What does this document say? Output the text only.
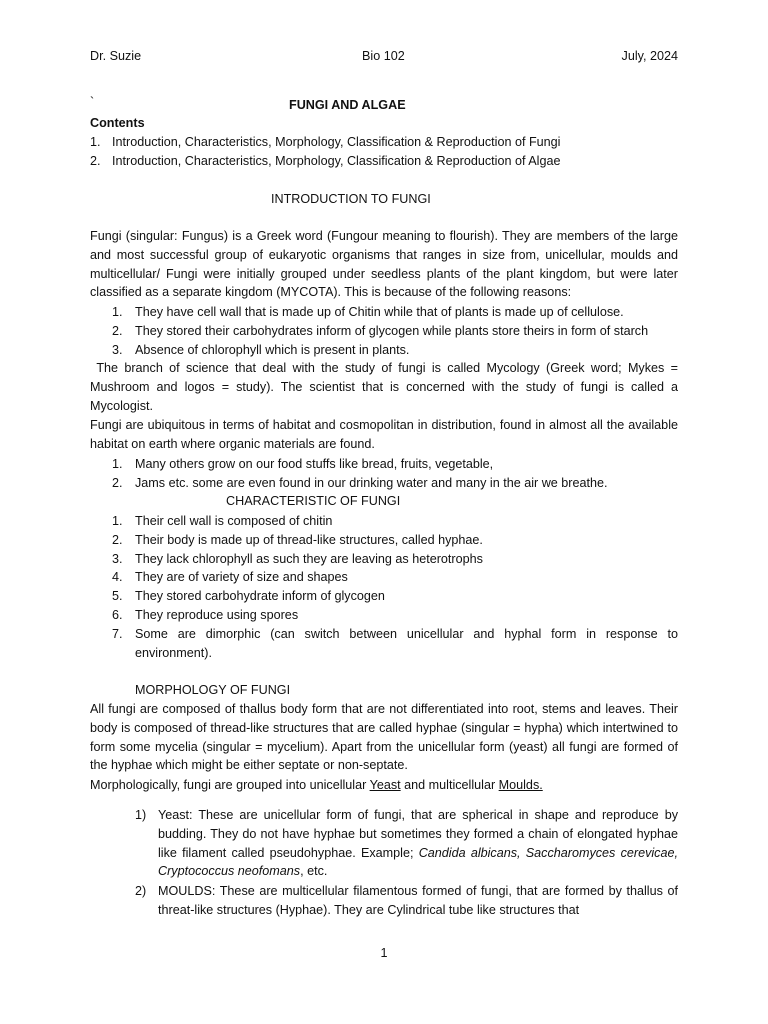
Dr. Suzie	Bio 102	July, 2024
`	FUNGI AND ALGAE
Contents
1. Introduction, Characteristics, Morphology, Classification & Reproduction of Fungi
2. Introduction, Characteristics, Morphology, Classification & Reproduction of Algae
INTRODUCTION TO FUNGI

Fungi (singular: Fungus) is a Greek word (Fungour meaning to flourish). They are members of the large and most successful group of eukaryotic organisms that ranges in size from, unicellular, moulds and multicellular/ Fungi were initially grouped under seedless plants of the plant kingdom, but were later classified as a separate kingdom (MYCOTA). This is because of the following reasons:

1. They have cell wall that is made up of Chitin while that of plants is made up of cellulose.
2. They stored their carbohydrates inform of glycogen while plants store theirs in form of starch
3. Absence of chlorophyll which is present in plants.

The branch of science that deal with the study of fungi is called Mycology (Greek word; Mykes = Mushroom and logos = study). The scientist that is concerned with the study of fungi is called a Mycologist.

Fungi are ubiquitous in terms of habitat and cosmopolitan in distribution, found in almost all the available habitat on earth where organic materials are found.

1. Many others grow on our food stuffs like bread, fruits, vegetable,
2. Jams etc. some are even found in our drinking water and many in the air we breathe.
CHARACTERISTIC OF FUNGI
1. Their cell wall is composed of chitin
2. Their body is made up of thread-like structures, called hyphae.
3. They lack chlorophyll as such they are leaving as heterotrophs
4. They are of variety of size and shapes
5. They stored carbohydrate inform of glycogen
6. They reproduce using spores
7. Some are dimorphic (can switch between unicellular and hyphal form in response to environment).
MORPHOLOGY OF FUNGI

All fungi are composed of thallus body form that are not differentiated into root, stems and leaves. Their body is composed of thread-like structures that are called hyphae (singular = hypha) which intertwined to form some mycelia (singular = mycelium). Apart from the unicellular form (yeast) all fungi are formed of the hyphae which might be either septate or non-septate.

Morphologically, fungi are grouped into unicellular Yeast and multicellular Moulds.

1) Yeast: These are unicellular form of fungi, that are spherical in shape and reproduce by budding. They do not have hyphae but sometimes they formed a chain of elongated hyphae like filament called pseudohyphae. Example; Candida albicans, Saccharomyces cerevicae, Cryptococcus neofomans, etc.

2) MOULDS: These are multicellular filamentous formed of fungi, that are formed by thallus of threat-like structures (Hyphae). They are Cylindrical tube like structures that

1
